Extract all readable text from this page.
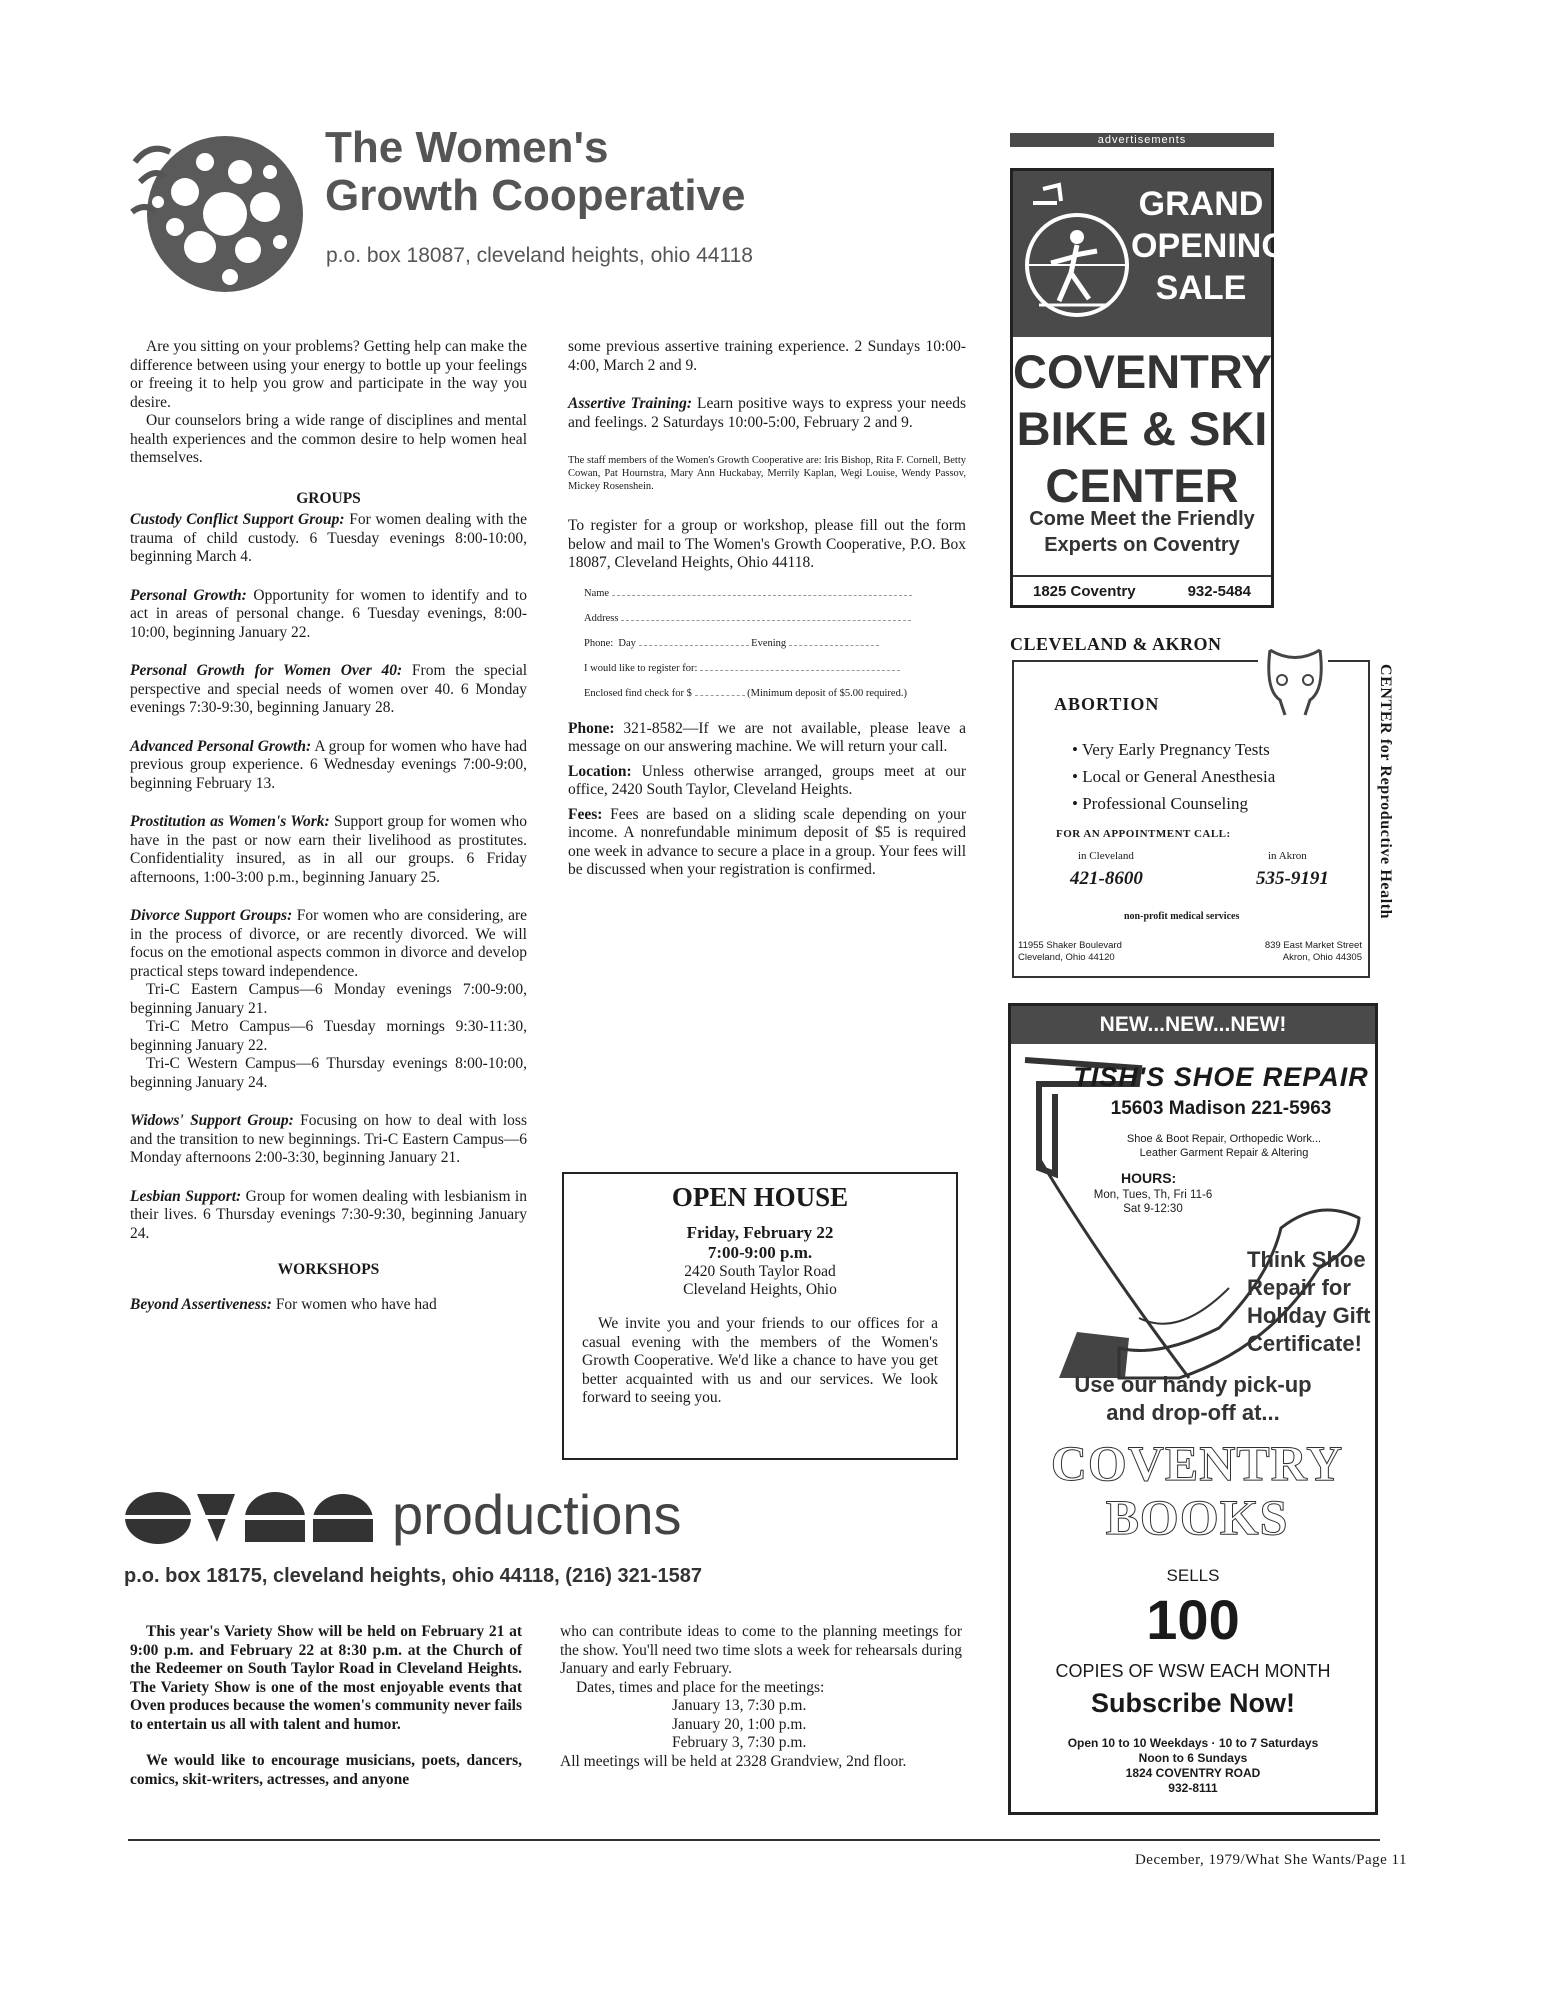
The Women's
Growth Cooperative
p.o. box 18087, cleveland heights, ohio 44118

Are you sitting on your problems? Getting help can make the difference between using your energy to bottle up your feelings or freeing it to help you grow and participate in the way you desire.

Our counselors bring a wide range of disciplines and mental health experiences and the common desire to help women heal themselves.

GROUPS

Custody Conflict Support Group: For women dealing with the trauma of child custody. 6 Tuesday evenings 8:00-10:00, beginning March 4.

Personal Growth: Opportunity for women to identify and to act in areas of personal change. 6 Tuesday evenings, 8:00-10:00, beginning January 22.

Personal Growth for Women Over 40: From the special perspective and special needs of women over 40. 6 Monday evenings 7:30-9:30, beginning January 28.

Advanced Personal Growth: A group for women who have had previous group experience. 6 Wednesday evenings 7:00-9:00, beginning February 13.

Prostitution as Women's Work: Support group for women who have in the past or now earn their livelihood as prostitutes. Confidentiality insured, as in all our groups. 6 Friday afternoons, 1:00-3:00 p.m., beginning January 25.

Divorce Support Groups: For women who are considering, are in the process of divorce, or are recently divorced. We will focus on the emotional aspects common in divorce and develop practical steps toward independence.

Tri-C Eastern Campus—6 Monday evenings 7:00-9:00, beginning January 21.

Tri-C Metro Campus—6 Tuesday mornings 9:30-11:30, beginning January 22.

Tri-C Western Campus—6 Thursday evenings 8:00-10:00, beginning January 24.

Widows' Support Group: Focusing on how to deal with loss and the transition to new beginnings. Tri-C Eastern Campus—6 Monday afternoons 2:00-3:30, beginning January 21.

Lesbian Support: Group for women dealing with lesbianism in their lives. 6 Thursday evenings 7:30-9:30, beginning January 24.

WORKSHOPS

Beyond Assertiveness: For women who have had

some previous assertive training experience. 2 Sundays 10:00-4:00, March 2 and 9.

Assertive Training: Learn positive ways to express your needs and feelings. 2 Saturdays 10:00-5:00, February 2 and 9.

The staff members of the Women's Growth Cooperative are: Iris Bishop, Rita F. Cornell, Betty Cowan, Pat Hournstra, Mary Ann Huckabay, Merrily Kaplan, Wegi Louise, Wendy Passov, Mickey Rosenshein.

To register for a group or workshop, please fill out the form below and mail to The Women's Growth Cooperative, P.O. Box 18087, Cleveland Heights, Ohio 44118.

Name
Address
Phone: Day	Evening
I would like to register for:
Enclosed find check for $	(Minimum deposit of $5.00 required.)

Phone: 321-8582—If we are not available, please leave a message on our answering machine. We will return your call.

Location: Unless otherwise arranged, groups meet at our office, 2420 South Taylor, Cleveland Heights.

Fees: Fees are based on a sliding scale depending on your income. A nonrefundable minimum deposit of $5 is required one week in advance to secure a place in a group. Your fees will be discussed when your registration is confirmed.

OPEN HOUSE
Friday, February 22
7:00-9:00 p.m.
2420 South Taylor Road
Cleveland Heights, Ohio

We invite you and your friends to our offices for a casual evening with the members of the Women's Growth Cooperative. We'd like a chance to have you get better acquainted with us and our services. We look forward to seeing you.

productions
p.o. box 18175, cleveland heights, ohio 44118, (216) 321-1587

This year's Variety Show will be held on February 21 at 9:00 p.m. and February 22 at 8:30 p.m. at the Church of the Redeemer on South Taylor Road in Cleveland Heights. The Variety Show is one of the most enjoyable events that Oven produces because the women's community never fails to entertain us all with talent and humor.

We would like to encourage musicians, poets, dancers, comics, skit-writers, actresses, and anyone

who can contribute ideas to come to the planning meetings for the show. You'll need two time slots a week for rehearsals during January and early February.

Dates, times and place for the meetings:

January 13, 7:30 p.m.

January 20, 1:00 p.m.

February 3, 7:30 p.m.

All meetings will be held at 2328 Grandview, 2nd floor.

December, 1979/What She Wants/Page 11
advertisements
GRAND
OPENING
SALE
COVENTRY
BIKE & SKI
CENTER
Come Meet the Friendly
Experts on Coventry
1825 Coventry	932-5484
CLEVELAND & AKRON
ABORTION
• Very Early Pregnancy Tests
• Local or General Anesthesia
• Professional Counseling
FOR AN APPOINTMENT CALL:
in Cleveland
421-8600
in Akron
535-9191
non-profit medical services
11955 Shaker Boulevard
Cleveland, Ohio 44120
839 East Market Street
Akron, Ohio 44305
CENTER for Reproductive Health
NEW...NEW...NEW!
TISH'S SHOE REPAIR
15603 Madison 221-5963
Shoe & Boot Repair, Orthopedic Work...
Leather Garment Repair & Altering
HOURS:
Mon, Tues, Th, Fri 11-6
Sat 9-12:30
Think Shoe
Repair for
Holiday Gift
Certificate!
Use our handy pick-up
and drop-off at...
COVENTRY
BOOKS
SELLS
100
COPIES OF WSW EACH MONTH
Subscribe Now!
Open 10 to 10 Weekdays · 10 to 7 Saturdays
Noon to 6 Sundays
1824 COVENTRY ROAD
932-8111
